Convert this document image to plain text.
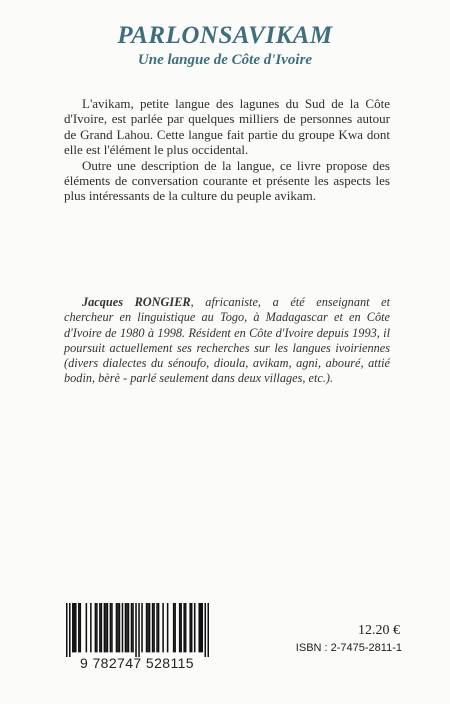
PARLONSAVIKAM
Une langue de Côte d'Ivoire

L'avikam, petite langue des lagunes du Sud de la Côte d'Ivoire, est parlée par quelques milliers de personnes autour de Grand Lahou. Cette langue fait partie du groupe Kwa dont elle est l'élément le plus occidental.

Outre une description de la langue, ce livre propose des éléments de conversation courante et présente les aspects les plus intéressants de la culture du peuple avikam.

Jacques RONGIER, africaniste, a été enseignant et chercheur en linguistique au Togo, à Madagascar et en Côte d'Ivoire de 1980 à 1998. Résident en Côte d'Ivoire depuis 1993, il poursuit actuellement ses recherches sur les langues ivoiriennes (divers dialectes du sénoufo, dioula, avikam, agni, abouré, attié bodin, bèrè - parlé seulement dans deux villages, etc.).

9 782747 528115
12.20 €
ISBN : 2-7475-2811-1
